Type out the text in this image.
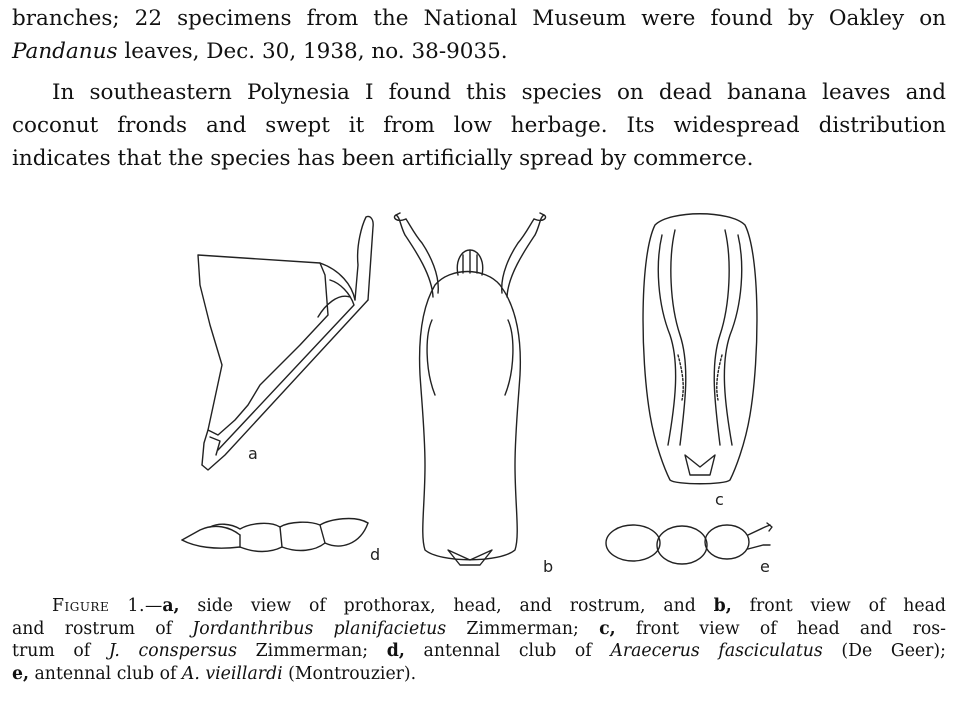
branches; 22 specimens from the National Museum were found by Oakley on
Pandanus leaves, Dec. 30, 1938, no. 38-9035.
In southeastern Polynesia I found this species on dead banana leaves and
coconut fronds and swept it from low herbage. Its widespread distribution
indicates that the species has been artificially spread by commerce.
a
b
c
d
e
Figure 1.—a, side view of prothorax, head, and rostrum, and b, front view of head
and rostrum of Jordanthribus planifacietus Zimmerman; c, front view of head and ros-
trum of J. conspersus Zimmerman; d, antennal club of Araecerus fasciculatus (De Geer);
e, antennal club of A. vieillardi (Montrouzier).
